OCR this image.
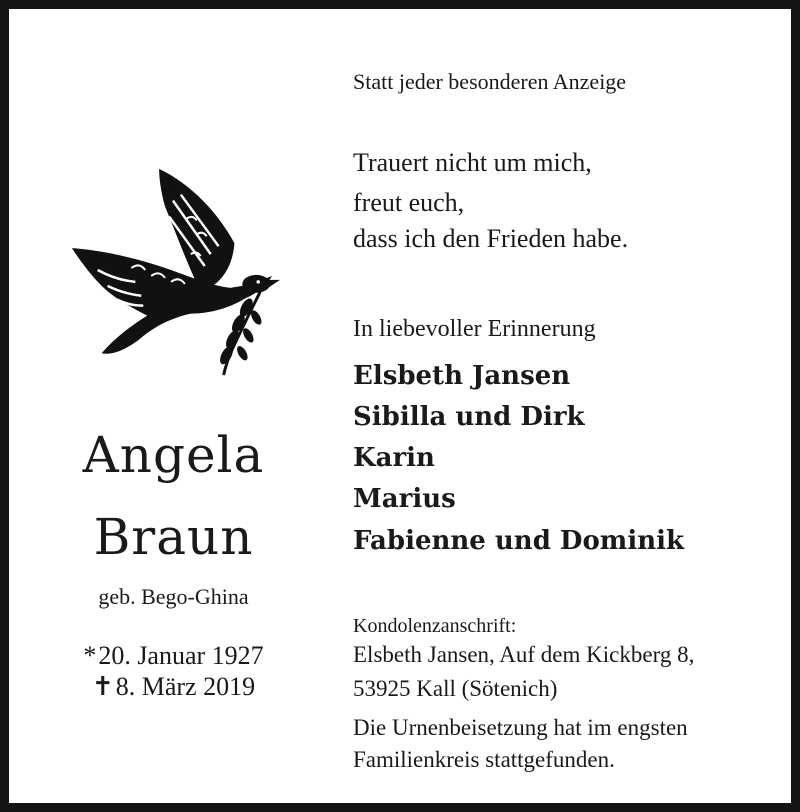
Angela
Braun
geb. Bego-Ghina
*20. Januar 1927
✝8. März 2019
Statt jeder besonderen Anzeige
Trauert nicht um mich,
freut euch,
dass ich den Frieden habe.
In liebevoller Erinnerung
Elsbeth Jansen
Sibilla und Dirk
Karin
Marius
Fabienne und Dominik
Kondolenzanschrift:
Elsbeth Jansen, Auf dem Kickberg 8,
53925 Kall (Sötenich)
Die Urnenbeisetzung hat im engsten
Familienkreis stattgefunden.
